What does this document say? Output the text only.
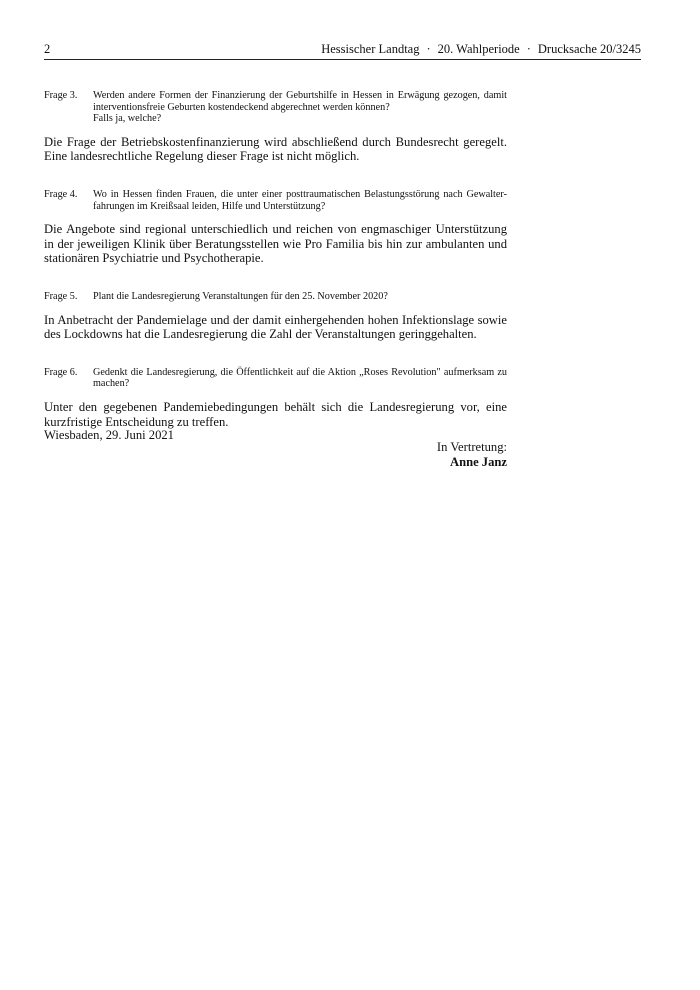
2	Hessischer Landtag · 20. Wahlperiode · Drucksache 20/3245
Frage 3.	Werden andere Formen der Finanzierung der Geburtshilfe in Hessen in Erwägung gezogen, damit interventionsfreie Geburten kostendeckend abgerechnet werden können?
Falls ja, welche?
Die Frage der Betriebskostenfinanzierung wird abschließend durch Bundesrecht geregelt. Eine landesrechtliche Regelung dieser Frage ist nicht möglich.
Frage 4.	Wo in Hessen finden Frauen, die unter einer posttraumatischen Belastungsstörung nach Gewalter-fahrungen im Kreißsaal leiden, Hilfe und Unterstützung?
Die Angebote sind regional unterschiedlich und reichen von engmaschiger Unterstützung in der jeweiligen Klinik über Beratungsstellen wie Pro Familia bis hin zur ambulanten und stationären Psychiatrie und Psychotherapie.
Frage 5.	Plant die Landesregierung Veranstaltungen für den 25. November 2020?
In Anbetracht der Pandemielage und der damit einhergehenden hohen Infektionslage sowie des Lockdowns hat die Landesregierung die Zahl der Veranstaltungen geringgehalten.
Frage 6.	Gedenkt die Landesregierung, die Öffentlichkeit auf die Aktion „Roses Revolution" aufmerksam zu machen?
Unter den gegebenen Pandemiebedingungen behält sich die Landesregierung vor, eine kurzfristige Entscheidung zu treffen.
Wiesbaden, 29. Juni 2021
In Vertretung:
Anne Janz
